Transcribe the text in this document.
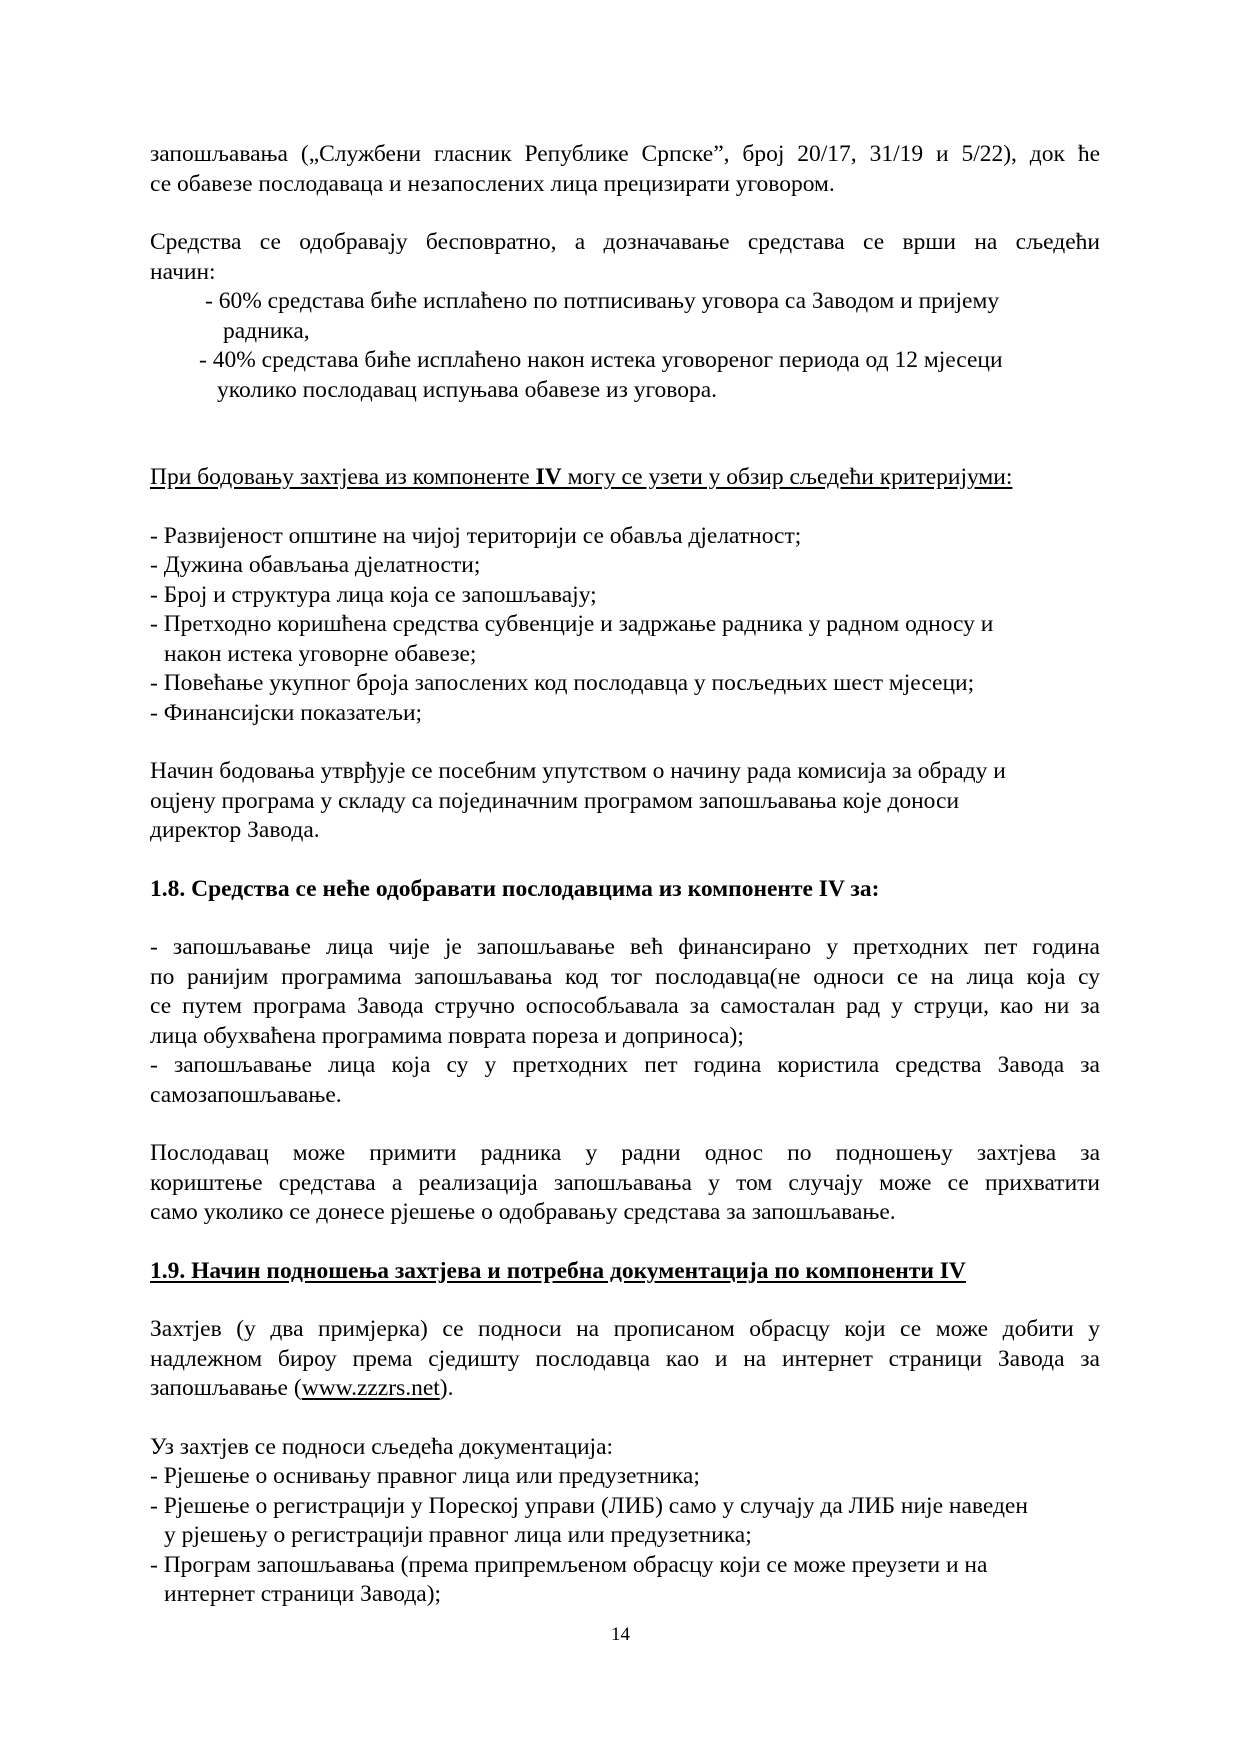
запошљавања („Службени гласник Републике Српске”, број 20/17, 31/19 и 5/22), док ће

се обавезе послодаваца и незапослених лица прецизирати уговором.

Средства се одобравају бесповратно, а дозначавање средстава се врши на сљедећи

начин:

- 60% средстава биће исплаћено по потписивању уговора са Заводом и пријему
радника,
- 40% средстава биће исплаћено након истека уговореног периода од 12 мјесеци
уколико послодавац испуњава обавезе из уговора.

При бодовању захтјева из компоненте IV могу се узети у обзир сљедећи критеријуми:

- Развијеност општине на чијој територији се обавља дјелатност;

- Дужина обављања дјелатности;

- Број и структура лица која се запошљавају;

- Претходно коришћена средства субвенције и задржање радника у радном односу и
након истека уговорне обавезе;

- Повећање укупног броја запослених код послодавца у посљедњих шест мјесеци;

- Финансијски показатељи;

Начин бодовања утврђује се посебним упутством о начину рада комисија за обраду и

оцјену програма у складу са појединачним програмом запошљавања које доноси

директор Завода.

1.8. Средства се неће одобравати послодавцима из компоненте IV за:

- запошљавање лица чије је запошљавање већ финансирано у претходних пет година

по ранијим програмима запошљавања код тог послодавца(не односи се на лица која су

се путем програма Завода стручно оспособљавала за самосталан рад у струци, као ни за

лица обухваћена програмима поврата пореза и доприноса);

- запошљавање лица која су у претходних пет година користила средства Завода за

самозапошљавање.

Послодавац може примити радника у радни однос по подношењу захтјева за

кориштење средстава а реализација запошљавања у том случају може се прихватити

само уколико се донесе рјешење о одобравању средстава за запошљавање.

1.9. Начин подношења захтјева и потребна документација по компоненти IV

Захтјев (у два примјерка) се подноси на прописаном обрасцу који се може добити у

надлежном бироу према сједишту послодавца као и на интернет страници Завода за

запошљавање (www.zzzrs.net).

Уз захтјев се подноси сљедећа документација:

- Рјешење о оснивању правног лица или предузетника;

- Рјешење о регистрацији у Пореској управи (ЛИБ) само у случају да ЛИБ није наведен
у рјешењу о регистрацији правног лица или предузетника;
- Програм запошљавања (према припремљеном обрасцу који се може преузети и на
интернет страници Завода);
14
